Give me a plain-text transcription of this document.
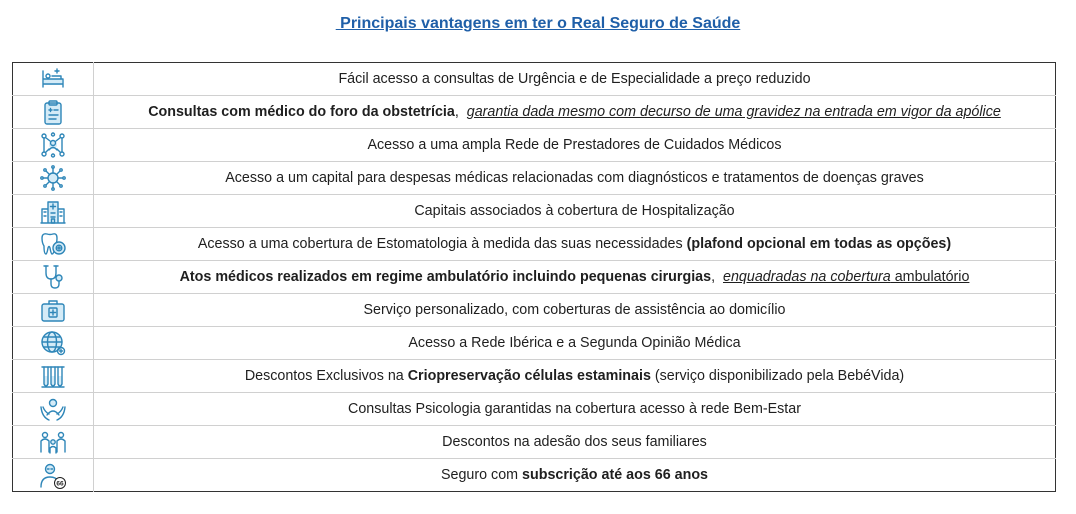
Principais vantagens em ter o Real Seguro de Saúde
	Fácil acesso a consultas de Urgência e de Especialidade a preço reduzido

	Consultas com médico do foro da obstetrícia,  garantia dada mesmo com decurso de uma gravidez na entrada em vigor da apólice

	Acesso a uma ampla Rede de Prestadores de Cuidados Médicos

	Acesso a um capital para despesas médicas relacionadas com diagnósticos e tratamentos de doenças graves

	Capitais associados à cobertura de Hospitalização

	Acesso a uma cobertura de Estomatologia à medida das suas necessidades (plafond opcional em todas as opções)

	Atos médicos realizados em regime ambulatório incluindo pequenas cirurgias,  enquadradas na cobertura ambulatório

	Serviço personalizado, com coberturas de assistência ao domicílio

	Acesso a Rede Ibérica e a Segunda Opinião Médica

	Descontos Exclusivos na Criopreservação células estaminais (serviço disponibilizado pela BebéVida)

	Consultas Psicologia garantidas na cobertura acesso à rede Bem-Estar

	Descontos na adesão dos seus familiares

66	Seguro com subscrição até aos 66 anos
